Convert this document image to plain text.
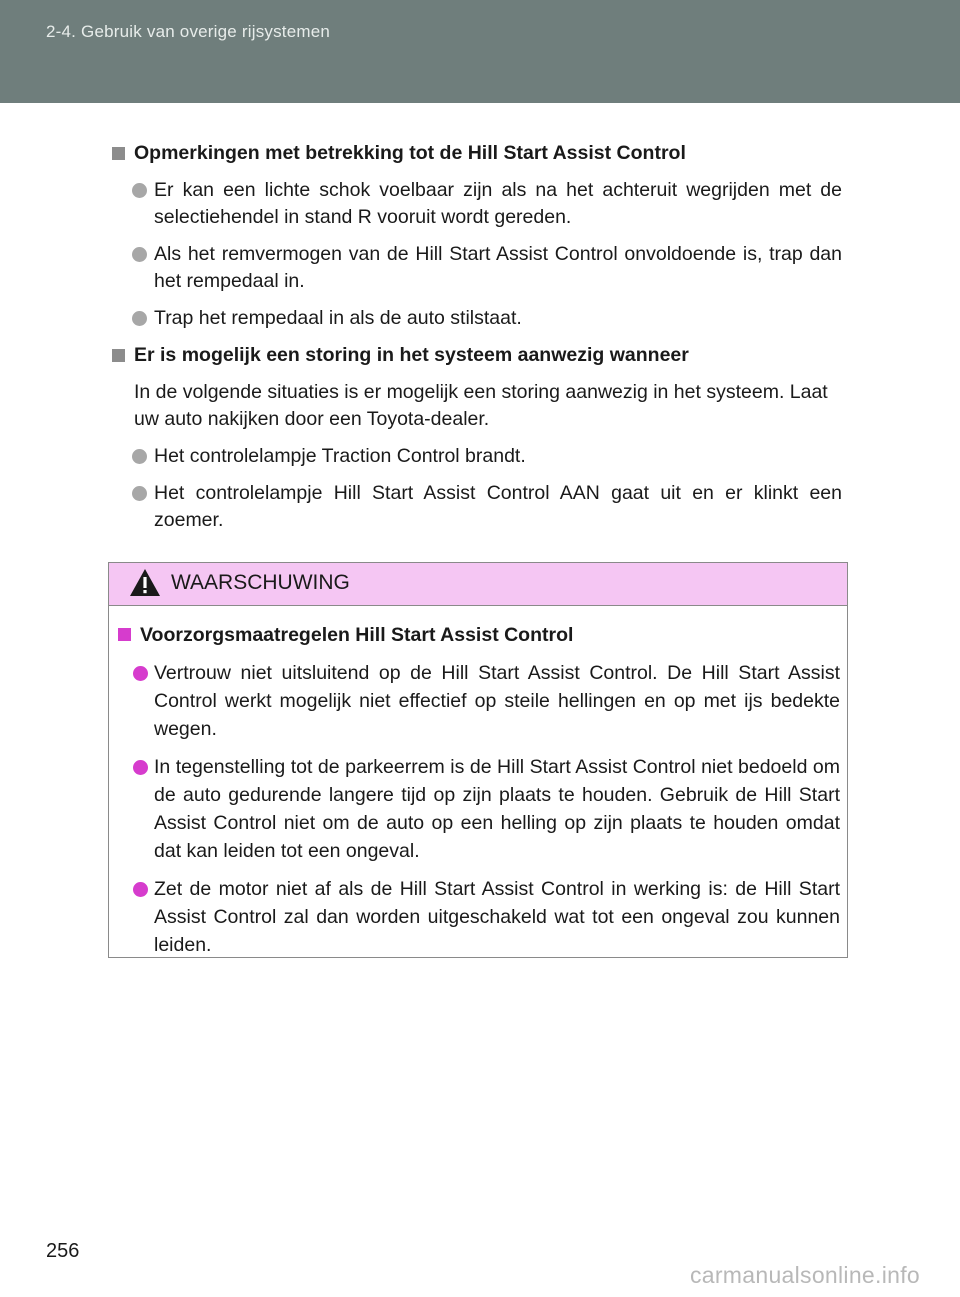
2-4. Gebruik van overige rijsystemen
Opmerkingen met betrekking tot de Hill Start Assist Control
Er kan een lichte schok voelbaar zijn als na het achteruit wegrijden met de selectiehendel in stand R vooruit wordt gereden.
Als het remvermogen van de Hill Start Assist Control onvoldoende is, trap dan het rempedaal in.
Trap het rempedaal in als de auto stilstaat.
Er is mogelijk een storing in het systeem aanwezig wanneer
In de volgende situaties is er mogelijk een storing aanwezig in het systeem. Laat uw auto nakijken door een Toyota-dealer.
Het controlelampje Traction Control brandt.
Het controlelampje Hill Start Assist Control AAN gaat uit en er klinkt een zoemer.
WAARSCHUWING
Voorzorgsmaatregelen Hill Start Assist Control
Vertrouw niet uitsluitend op de Hill Start Assist Control. De Hill Start Assist Control werkt mogelijk niet effectief op steile hellingen en op met ijs bedekte wegen.
In tegenstelling tot de parkeerrem is de Hill Start Assist Control niet bedoeld om de auto gedurende langere tijd op zijn plaats te houden. Gebruik de Hill Start Assist Control niet om de auto op een helling op zijn plaats te houden omdat dat kan leiden tot een ongeval.
Zet de motor niet af als de Hill Start Assist Control in werking is: de Hill Start Assist Control zal dan worden uitgeschakeld wat tot een ongeval zou kunnen leiden.
256
carmanualsonline.info
